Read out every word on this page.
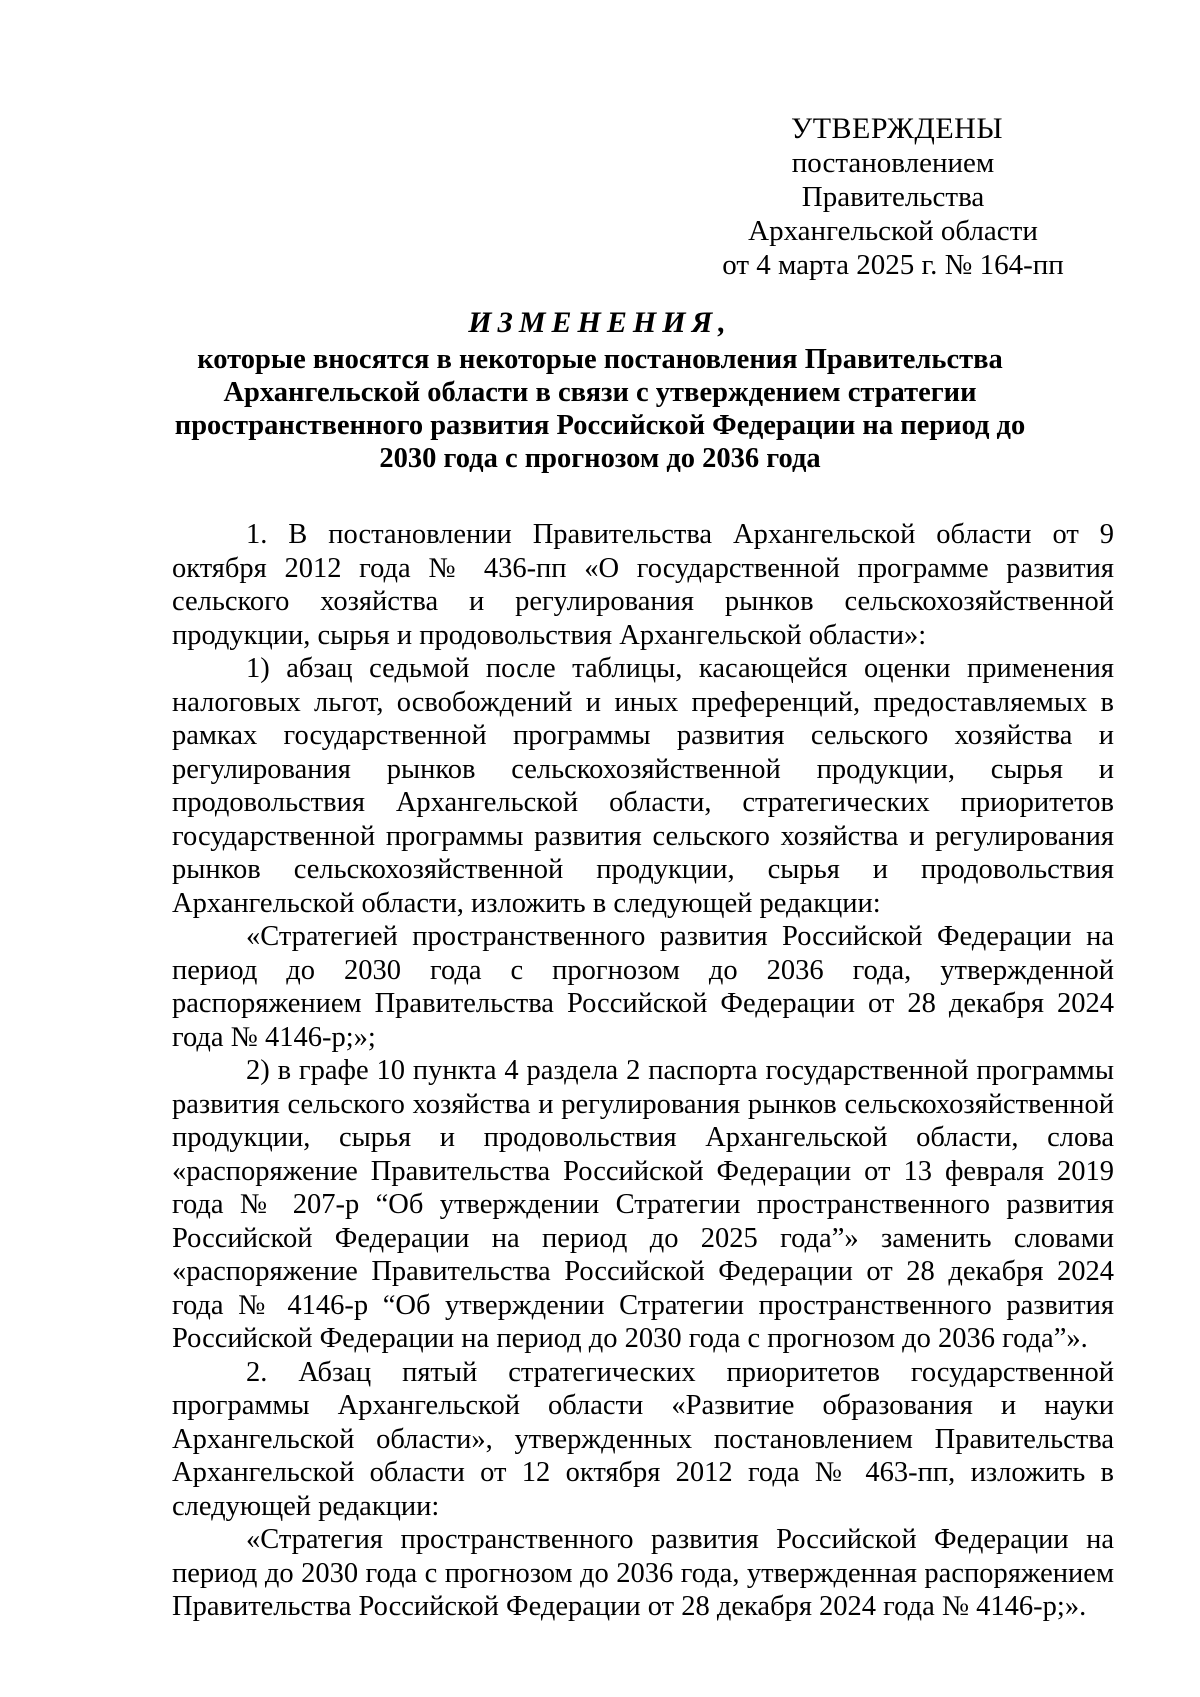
УТВЕРЖДЕНЫ
постановлением Правительства
Архангельской области
от 4 марта 2025 г. № 164-пп
ИЗМЕНЕНИЯ,
которые вносятся в некоторые постановления Правительства Архангельской области в связи с утверждением стратегии пространственного развития Российской Федерации на период до 2030 года с прогнозом до 2036 года

1. В постановлении Правительства Архангельской области от 9 октября 2012 года № 436-пп «О государственной программе развития сельского хозяйства и регулирования рынков сельскохозяйственной продукции, сырья и продовольствия Архангельской области»:

1) абзац седьмой после таблицы, касающейся оценки применения налоговых льгот, освобождений и иных преференций, предоставляемых в рамках государственной программы развития сельского хозяйства и регулирования рынков сельскохозяйственной продукции, сырья и продовольствия Архангельской области, стратегических приоритетов государственной программы развития сельского хозяйства и регулирования рынков сельскохозяйственной продукции, сырья и продовольствия Архангельской области, изложить в следующей редакции:

«Стратегией пространственного развития Российской Федерации на период до 2030 года с прогнозом до 2036 года, утвержденной распоряжением Правительства Российской Федерации от 28 декабря 2024 года № 4146-р;»;

2) в графе 10 пункта 4 раздела 2 паспорта государственной программы развития сельского хозяйства и регулирования рынков сельскохозяйственной продукции, сырья и продовольствия Архангельской области, слова «распоряжение Правительства Российской Федерации от 13 февраля 2019 года № 207-р “Об утверждении Стратегии пространственного развития Российской Федерации на период до 2025 года”» заменить словами «распоряжение Правительства Российской Федерации от 28 декабря 2024 года № 4146-р “Об утверждении Стратегии пространственного развития Российской Федерации на период до 2030 года с прогнозом до 2036 года”».

2. Абзац пятый стратегических приоритетов государственной программы Архангельской области «Развитие образования и науки Архангельской области», утвержденных постановлением Правительства Архангельской области от 12 октября 2012 года № 463-пп, изложить в следующей редакции:

«Стратегия пространственного развития Российской Федерации на период до 2030 года с прогнозом до 2036 года, утвержденная распоряжением Правительства Российской Федерации от 28 декабря 2024 года № 4146-р;».
